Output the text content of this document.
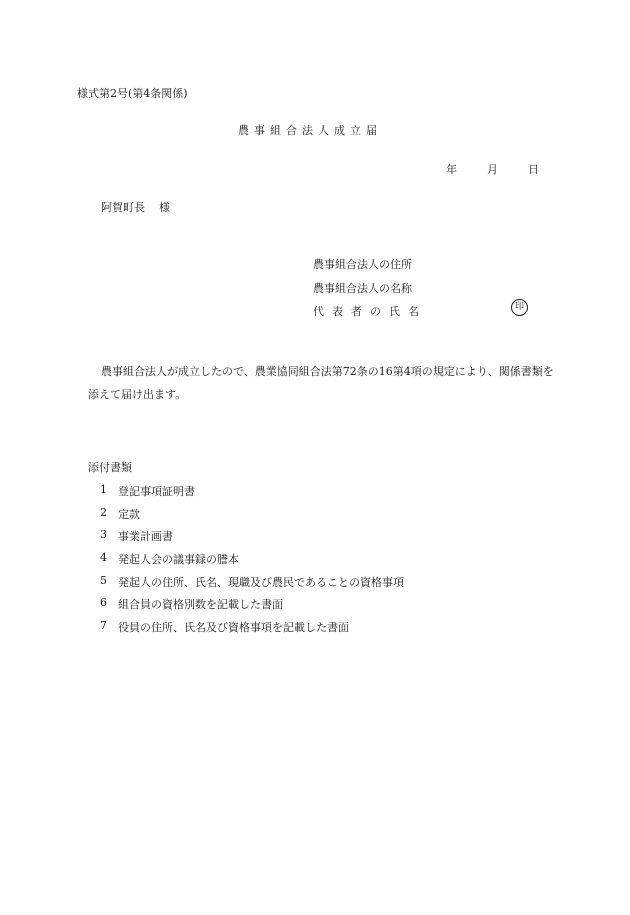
様式第2号(第4条関係)
農事組合法人成立届
年	月	日
阿賀町長 様
農事組合法人の住所
農事組合法人の名称
代表者の氏名	印
農事組合法人が成立したので、農業協同組合法第72条の16第4項の規定により、関係書類を添えて届け出ます。
添付書類
1	登記事項証明書
2	定款
3	事業計画書
4	発起人会の議事録の謄本
5	発起人の住所、氏名、現職及び農民であることの資格事項
6	組合員の資格別数を記載した書面
7	役員の住所、氏名及び資格事項を記載した書面
